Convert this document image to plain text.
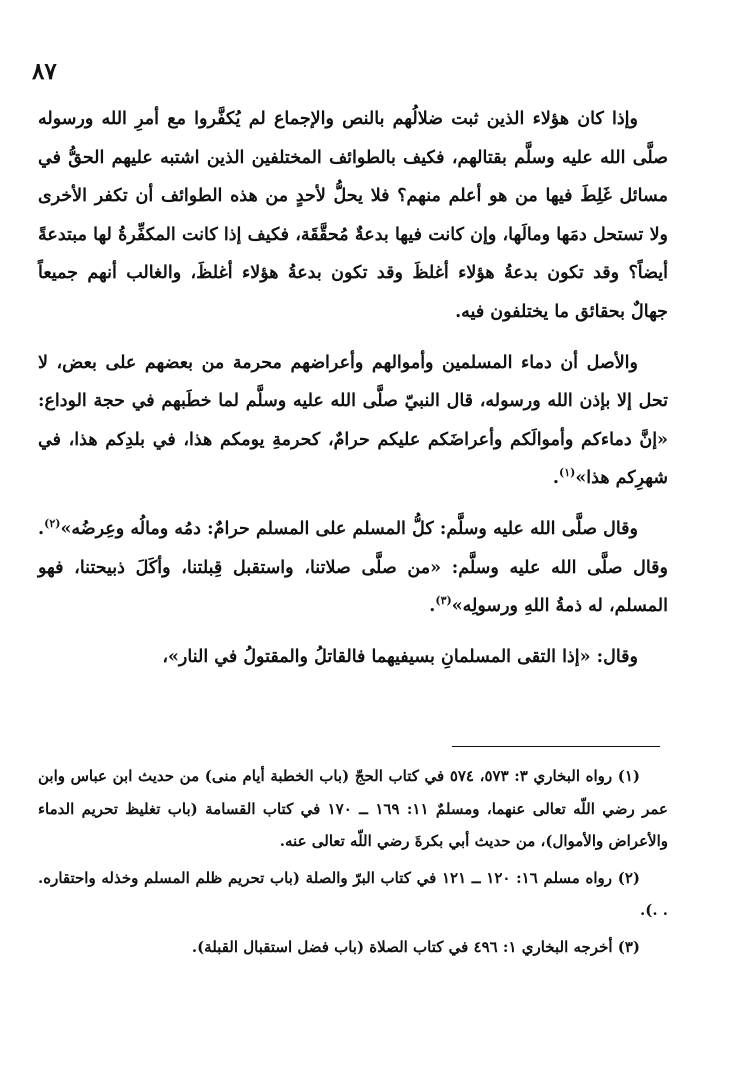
٨٧

وإذا كان هؤلاء الذين ثبت ضلالُهم بالنص والإجماع لم يُكفَّروا مع أمرِ الله ورسوله صلَّى الله عليه وسلَّم بقتالهم، فكيف بالطوائف المختلفين الذين اشتبه عليهم الحقُّ في مسائل غَلِطَ فيها من هو أعلم منهم؟ فلا يحلُّ لأحدٍ من هذه الطوائف أن تكفر الأخرى ولا تستحل دمَها ومالَها، وإن كانت فيها بدعةٌ مُحقَّقَة، فكيف إذا كانت المكفِّرةُ لها مبتدعةً أيضاً؟ وقد تكون بدعةُ هؤلاء أغلظَ وقد تكون بدعةُ هؤلاء أغلظَ، والغالب أنهم جميعاً جهالٌ بحقائق ما يختلفون فيه.

والأصل أن دماء المسلمين وأموالهم وأعراضهم محرمة من بعضهم على بعض، لا تحل إلا بإذن الله ورسوله، قال النبيّ صلَّى الله عليه وسلَّم لما خطَبهم في حجة الوداع: «إنَّ دماءكم وأموالَكم وأعراضَكم عليكم حرامٌ، كحرمةِ يومكم هذا، في بلدِكم هذا، في شهرِكم هذا»$^{(١)}$.

وقال صلَّى الله عليه وسلَّم: كلُّ المسلم على المسلم حرامٌ: دمُه ومالُه وعِرضُه»$^{(٢)}$. وقال صلَّى الله عليه وسلَّم: «من صلَّى صلاتنا، واستقبل قِبلتنا، وأكَلَ ذبيحتنا، فهو المسلم، له ذمةُ اللهِ ورسولِه»$^{(٣)}$.

وقال: «إذا التقى المسلمانِ بسيفيهما فالقاتلُ والمقتولُ في النار»،

(١) رواه البخاري ٣: ٥٧٣، ٥٧٤ في كتاب الحجّ (باب الخطبة أيام منى) من حديث ابن عباس وابن عمر رضي اللّه تعالى عنهما، ومسلمٌ ١١: ١٦٩ ــ ١٧٠ في كتاب القسامة (باب تغليظ تحريم الدماء والأعراض والأموال)، من حديث أبي بكرةَ رضي اللّه تعالى عنه.

(٢) رواه مسلم ١٦: ١٢٠ ــ ١٢١ في كتاب البرّ والصلة (باب تحريم ظلم المسلم وخذله واحتقاره. . .).

(٣) أخرجه البخاري ١: ٤٩٦ في كتاب الصلاة (باب فضل استقبال القبلة).
